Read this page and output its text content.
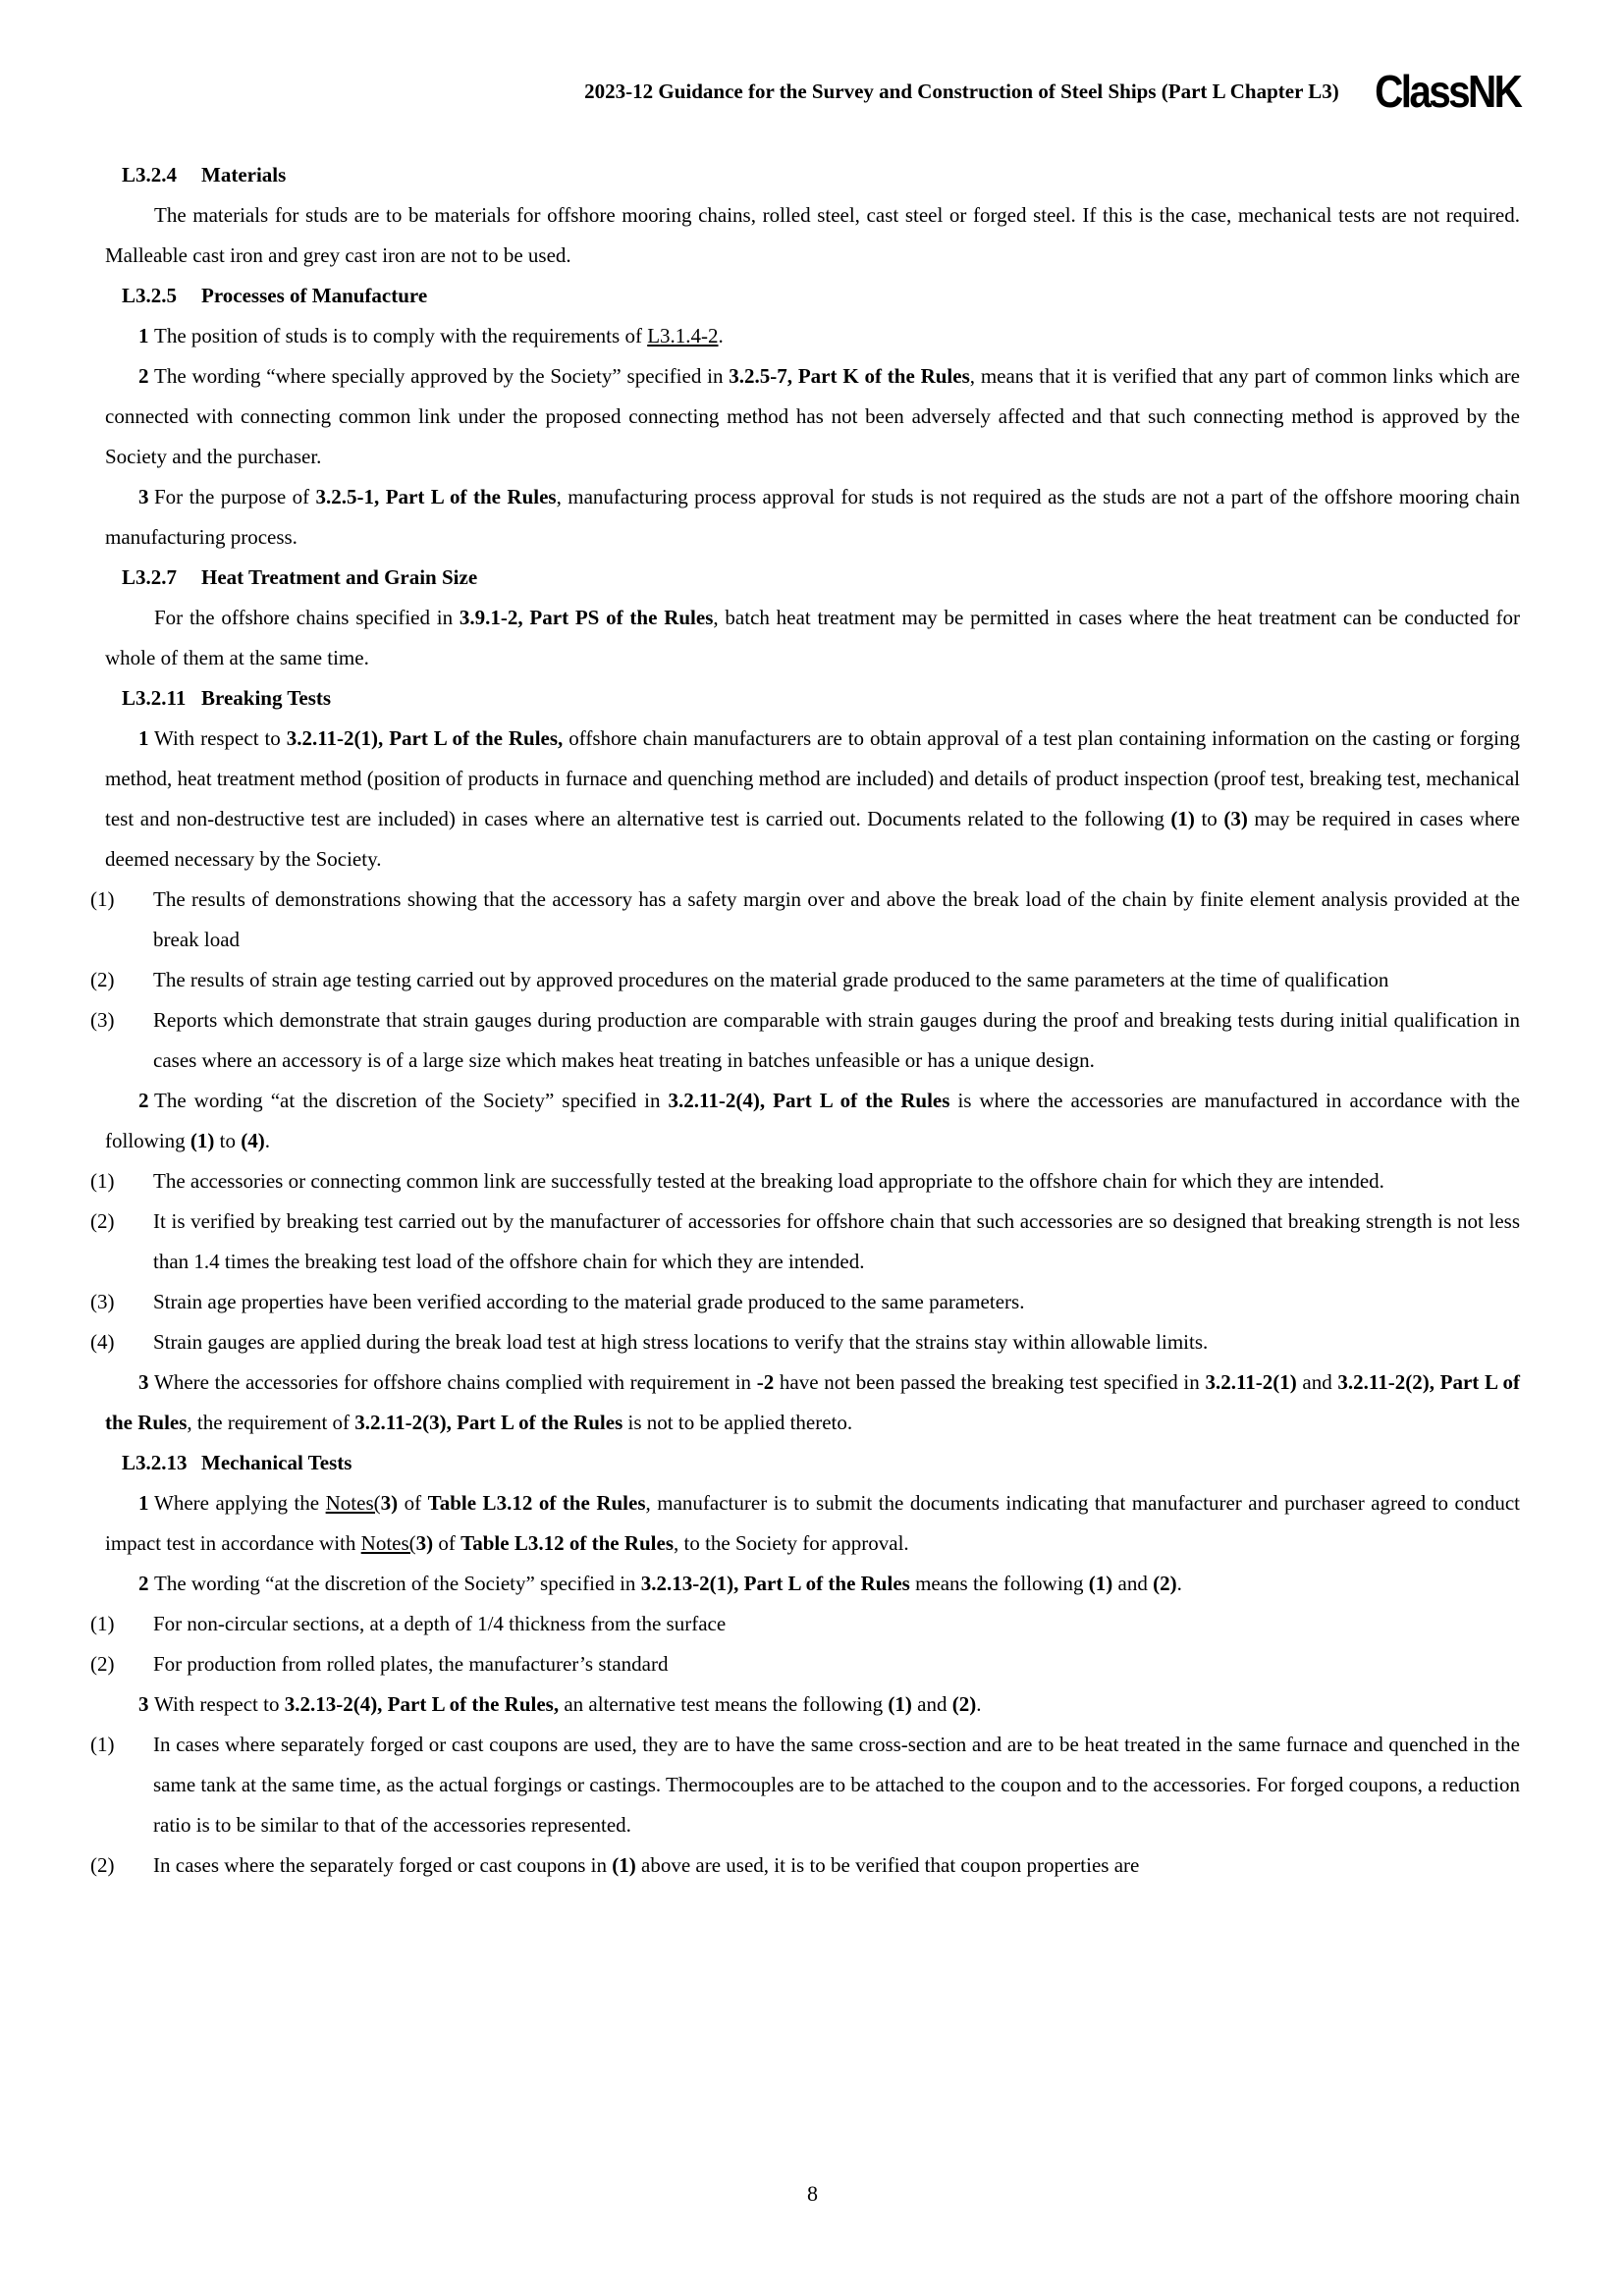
2023-12 Guidance for the Survey and Construction of Steel Ships (Part L Chapter L3) ClassNK
L3.2.4 Materials

The materials for studs are to be materials for offshore mooring chains, rolled steel, cast steel or forged steel. If this is the case, mechanical tests are not required. Malleable cast iron and grey cast iron are not to be used.

L3.2.5 Processes of Manufacture

1 The position of studs is to comply with the requirements of L3.1.4-2.

2 The wording “where specially approved by the Society” specified in 3.2.5-7, Part K of the Rules, means that it is verified that any part of common links which are connected with connecting common link under the proposed connecting method has not been adversely affected and that such connecting method is approved by the Society and the purchaser.

3 For the purpose of 3.2.5-1, Part L of the Rules, manufacturing process approval for studs is not required as the studs are not a part of the offshore mooring chain manufacturing process.

L3.2.7 Heat Treatment and Grain Size

For the offshore chains specified in 3.9.1-2, Part PS of the Rules, batch heat treatment may be permitted in cases where the heat treatment can be conducted for whole of them at the same time.

L3.2.11 Breaking Tests

1 With respect to 3.2.11-2(1), Part L of the Rules, offshore chain manufacturers are to obtain approval of a test plan containing information on the casting or forging method, heat treatment method (position of products in furnace and quenching method are included) and details of product inspection (proof test, breaking test, mechanical test and non-destructive test are included) in cases where an alternative test is carried out. Documents related to the following (1) to (3) may be required in cases where deemed necessary by the Society.

(1) The results of demonstrations showing that the accessory has a safety margin over and above the break load of the chain by finite element analysis provided at the break load

(2) The results of strain age testing carried out by approved procedures on the material grade produced to the same parameters at the time of qualification

(3) Reports which demonstrate that strain gauges during production are comparable with strain gauges during the proof and breaking tests during initial qualification in cases where an accessory is of a large size which makes heat treating in batches unfeasible or has a unique design.

2 The wording “at the discretion of the Society” specified in 3.2.11-2(4), Part L of the Rules is where the accessories are manufactured in accordance with the following (1) to (4).

(1) The accessories or connecting common link are successfully tested at the breaking load appropriate to the offshore chain for which they are intended.

(2) It is verified by breaking test carried out by the manufacturer of accessories for offshore chain that such accessories are so designed that breaking strength is not less than 1.4 times the breaking test load of the offshore chain for which they are intended.

(3) Strain age properties have been verified according to the material grade produced to the same parameters.

(4) Strain gauges are applied during the break load test at high stress locations to verify that the strains stay within allowable limits.

3 Where the accessories for offshore chains complied with requirement in -2 have not been passed the breaking test specified in 3.2.11-2(1) and 3.2.11-2(2), Part L of the Rules, the requirement of 3.2.11-2(3), Part L of the Rules is not to be applied thereto.

L3.2.13 Mechanical Tests

1 Where applying the Notes(3) of Table L3.12 of the Rules, manufacturer is to submit the documents indicating that manufacturer and purchaser agreed to conduct impact test in accordance with Notes(3) of Table L3.12 of the Rules, to the Society for approval.

2 The wording “at the discretion of the Society” specified in 3.2.13-2(1), Part L of the Rules means the following (1) and (2).

(1) For non-circular sections, at a depth of 1/4 thickness from the surface

(2) For production from rolled plates, the manufacturer’s standard

3 With respect to 3.2.13-2(4), Part L of the Rules, an alternative test means the following (1) and (2).

(1) In cases where separately forged or cast coupons are used, they are to have the same cross-section and are to be heat treated in the same furnace and quenched in the same tank at the same time, as the actual forgings or castings. Thermocouples are to be attached to the coupon and to the accessories. For forged coupons, a reduction ratio is to be similar to that of the accessories represented.

(2) In cases where the separately forged or cast coupons in (1) above are used, it is to be verified that coupon properties are

8
